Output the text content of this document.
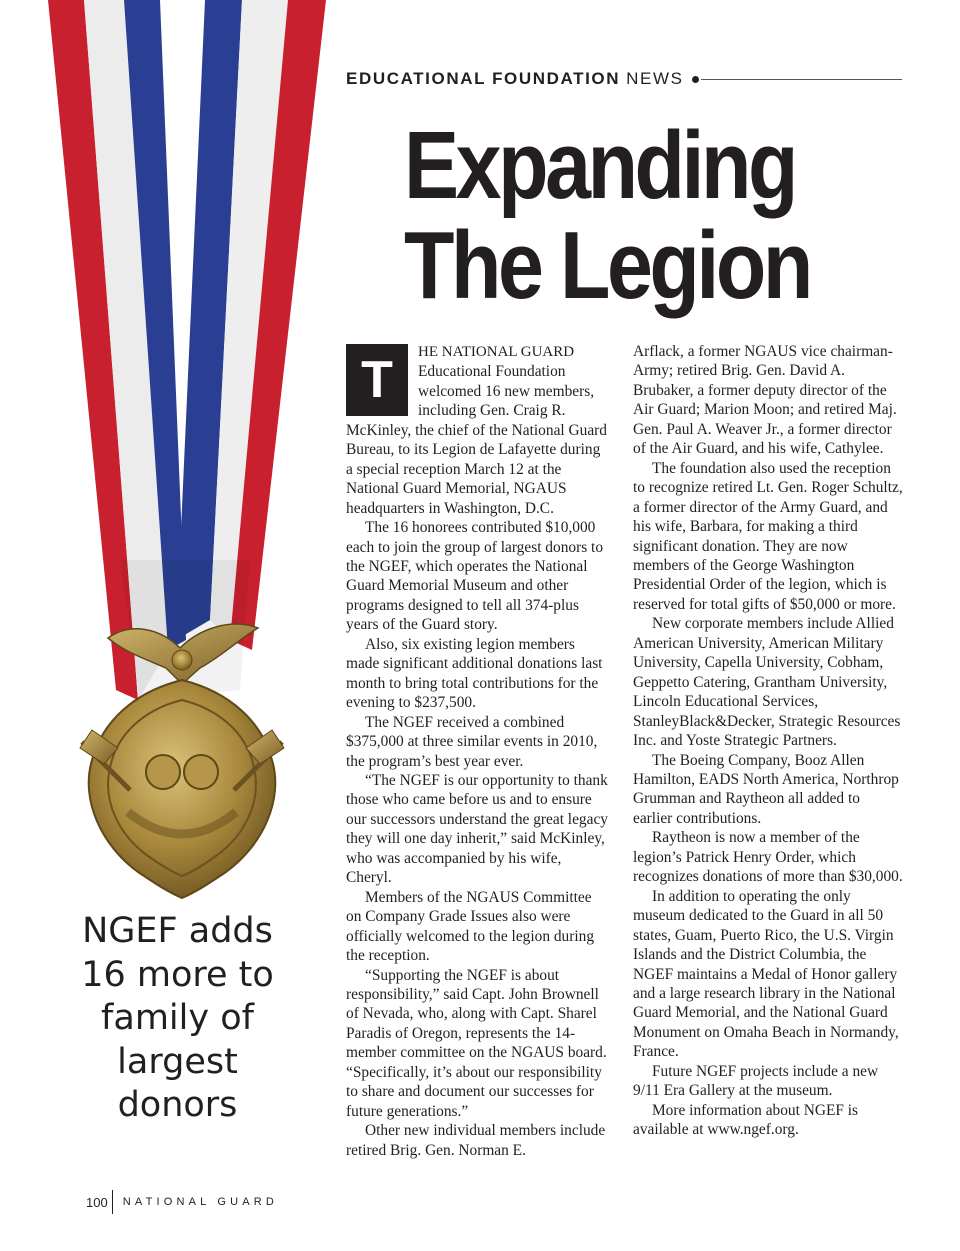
EDUCATIONAL FOUNDATION NEWS
Expanding
The Legion

T	HE NATIONAL GUARD Educational Foundation welcomed 16 new members, including Gen. Craig R. McKinley, the chief of the National Guard Bureau, to its Legion de Lafayette during a special reception March 12 at the National Guard Memorial, NGAUS headquarters in Washington, D.C.

The 16 honorees contributed $10,000 each to join the group of largest donors to the NGEF, which operates the National Guard Memorial Museum and other programs designed to tell all 374-plus years of the Guard story.

Also, six existing legion members made significant additional donations last month to bring total contributions for the evening to $237,500.

The NGEF received a combined $375,000 at three similar events in 2010, the program’s best year ever.

“The NGEF is our opportunity to thank those who came before us and to ensure our successors understand the great legacy they will one day inherit,” said McKinley, who was accompanied by his wife, Cheryl.

Members of the NGAUS Committee on Company Grade Issues also were officially welcomed to the legion during the reception.

“Supporting the NGEF is about responsibility,” said Capt. John Brownell of Nevada, who, along with Capt. Sharel Paradis of Oregon, represents the 14-member committee on the NGAUS board. “Specifically, it’s about our responsibility to share and document our successes for future generations.”

Other new individual members include retired Brig. Gen. Norman E.

Arflack, a former NGAUS vice chairman-Army; retired Brig. Gen. David A. Brubaker, a former deputy director of the Air Guard; Marion Moon; and retired Maj. Gen. Paul A. Weaver Jr., a former director of the Air Guard, and his wife, Cathylee.

The foundation also used the reception to recognize retired Lt. Gen. Roger Schultz, a former director of the Army Guard, and his wife, Barbara, for making a third significant donation. They are now members of the George Washington Presidential Order of the legion, which is reserved for total gifts of $50,000 or more.

New corporate members include Allied American University, American Military University, Capella University, Cobham, Geppetto Catering, Grantham University, Lincoln Educational Services, StanleyBlack&Decker, Strategic Resources Inc. and Yoste Strategic Partners.

The Boeing Company, Booz Allen Hamilton, EADS North America, Northrop Grumman and Raytheon all added to earlier contributions.

Raytheon is now a member of the legion’s Patrick Henry Order, which recognizes donations of more than $30,000.

In addition to operating the only museum dedicated to the Guard in all 50 states, Guam, Puerto Rico, the U.S. Virgin Islands and the District Columbia, the NGEF maintains a Medal of Honor gallery and a large research library in the National Guard Memorial, and the National Guard Monument on Omaha Beach in Normandy, France.

Future NGEF projects include a new 9/11 Era Gallery at the museum.

More information about NGEF is available at www.ngef.org.

NGEF adds 16 more to family of largest donors
100 NATIONAL GUARD
